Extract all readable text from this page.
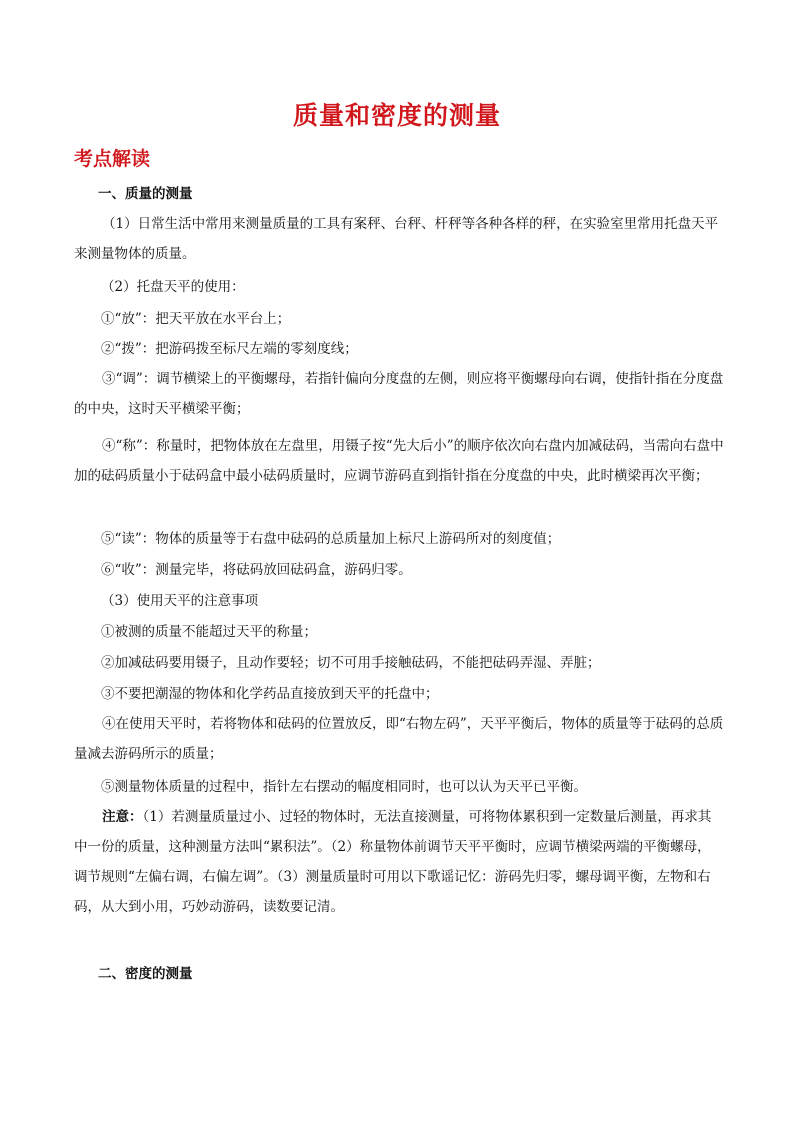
质量和密度的测量
考点解读
一、质量的测量

（1）日常生活中常用来测量质量的工具有案秤、台秤、杆秤等各种各样的秤，在实验室里常用托盘天平来测量物体的质量。

（2）托盘天平的使用：
①“放”：把天平放在水平台上；
②“拨”：把游码拨至标尺左端的零刻度线；

③“调”：调节横梁上的平衡螺母，若指针偏向分度盘的左侧，则应将平衡螺母向右调，使指针指在分度盘的中央，这时天平横梁平衡；

④“称”：称量时，把物体放在左盘里，用镊子按“先大后小”的顺序依次向右盘内加减砝码，当需向右盘中加的砝码质量小于砝码盒中最小砝码质量时，应调节游码直到指针指在分度盘的中央，此时横梁再次平衡；

⑤“读”：物体的质量等于右盘中砝码的总质量加上标尺上游码所对的刻度值；
⑥“收”：测量完毕，将砝码放回砝码盒，游码归零。
（3）使用天平的注意事项
①被测的质量不能超过天平的称量；
②加减砝码要用镊子，且动作要轻；切不可用手接触砝码，不能把砝码弄湿、弄脏；
③不要把潮湿的物体和化学药品直接放到天平的托盘中；

④在使用天平时，若将物体和砝码的位置放反，即“右物左码”，天平平衡后，物体的质量等于砝码的总质量减去游码所示的质量；

⑤测量物体质量的过程中，指针左右摆动的幅度相同时，也可以认为天平已平衡。

注意：（1）若测量质量过小、过轻的物体时，无法直接测量，可将物体累积到一定数量后测量，再求其中一份的质量，这种测量方法叫“累积法”。（2）称量物体前调节天平平衡时，应调节横梁两端的平衡螺母，调节规则“左偏右调，右偏左调”。（3）测量质量时可用以下歌谣记忆：游码先归零，螺母调平衡，左物和右码，从大到小用，巧妙动游码，读数要记清。

二、密度的测量
